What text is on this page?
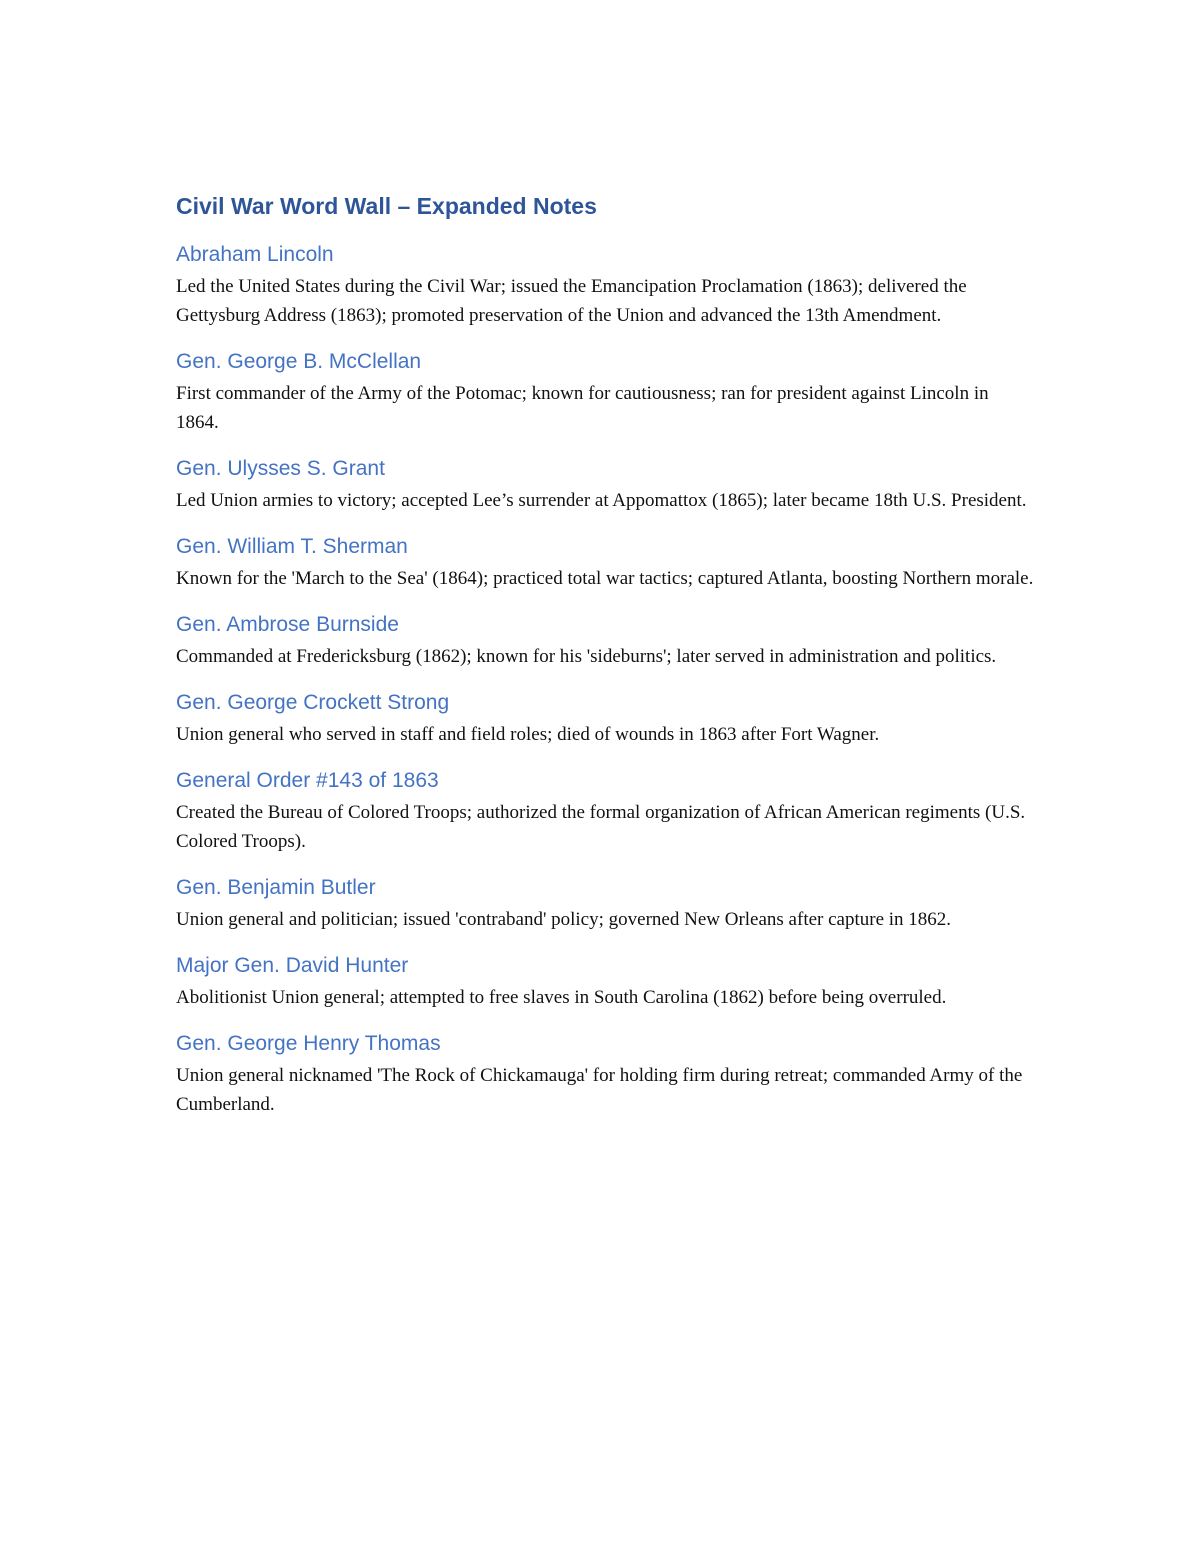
Civil War Word Wall – Expanded Notes
Abraham Lincoln

Led the United States during the Civil War; issued the Emancipation Proclamation (1863); delivered the Gettysburg Address (1863); promoted preservation of the Union and advanced the 13th Amendment.

Gen. George B. McClellan

First commander of the Army of the Potomac; known for cautiousness; ran for president against Lincoln in 1864.

Gen. Ulysses S. Grant

Led Union armies to victory; accepted Lee’s surrender at Appomattox (1865); later became 18th U.S. President.

Gen. William T. Sherman

Known for the 'March to the Sea' (1864); practiced total war tactics; captured Atlanta, boosting Northern morale.

Gen. Ambrose Burnside

Commanded at Fredericksburg (1862); known for his 'sideburns'; later served in administration and politics.

Gen. George Crockett Strong

Union general who served in staff and field roles; died of wounds in 1863 after Fort Wagner.

General Order #143 of 1863

Created the Bureau of Colored Troops; authorized the formal organization of African American regiments (U.S. Colored Troops).

Gen. Benjamin Butler

Union general and politician; issued 'contraband' policy; governed New Orleans after capture in 1862.

Major Gen. David Hunter

Abolitionist Union general; attempted to free slaves in South Carolina (1862) before being overruled.

Gen. George Henry Thomas

Union general nicknamed 'The Rock of Chickamauga' for holding firm during retreat; commanded Army of the Cumberland.
